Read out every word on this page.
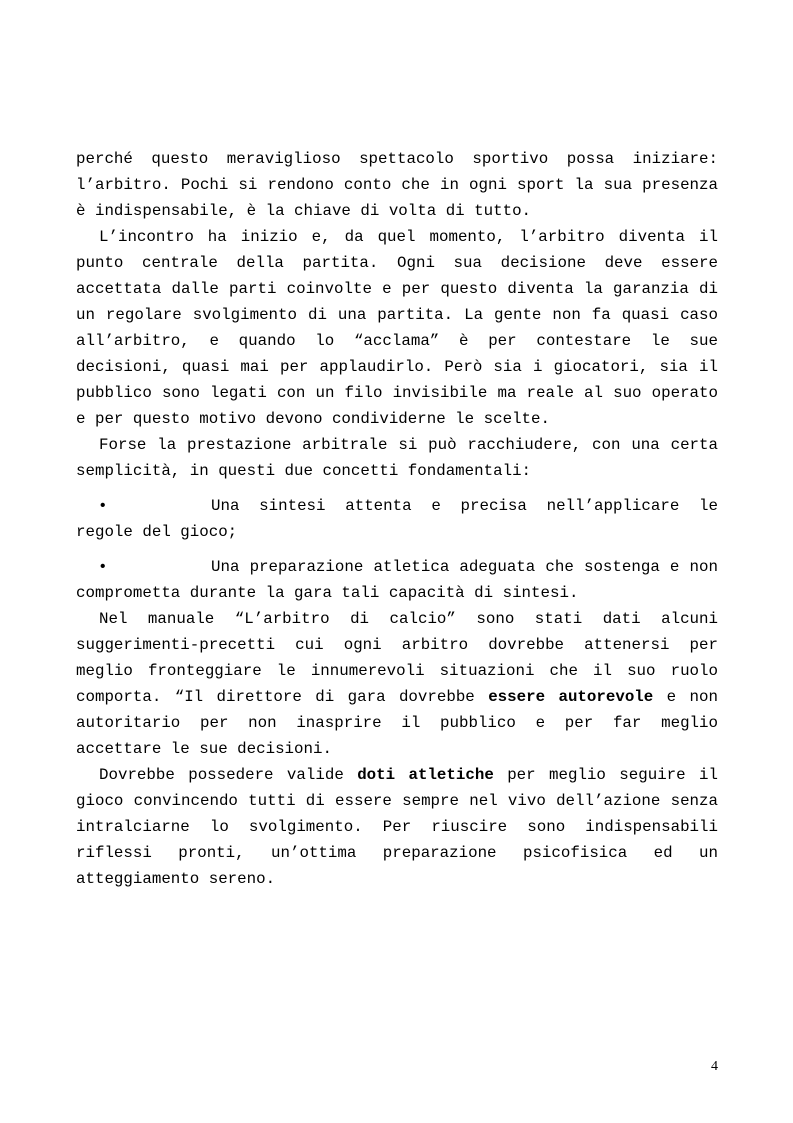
perché questo meraviglioso spettacolo sportivo possa iniziare: l’arbitro. Pochi si rendono conto che in ogni sport la sua presenza è indispensabile, è la chiave di volta di tutto.

L’incontro ha inizio e, da quel momento, l’arbitro diventa il punto centrale della partita. Ogni sua decisione deve essere accettata dalle parti coinvolte e per questo diventa la garanzia di un regolare svolgimento di una partita. La gente non fa quasi caso all’arbitro, e quando lo “acclama” è per contestare le sue decisioni, quasi mai per applaudirlo. Però sia i giocatori, sia il pubblico sono legati con un filo invisibile ma reale al suo operato e per questo motivo devono condividerne le scelte.

Forse la prestazione arbitrale si può racchiudere, con una certa semplicità, in questi due concetti fondamentali:

•	Una sintesi attenta e precisa nell’applicare le regole del gioco;

•	Una preparazione atletica adeguata che sostenga e non comprometta durante la gara tali capacità di sintesi.

Nel manuale “L’arbitro di calcio” sono stati dati alcuni suggerimenti-precetti cui ogni arbitro dovrebbe attenersi per meglio fronteggiare le innumerevoli situazioni che il suo ruolo comporta. “Il direttore di gara dovrebbe essere autorevole e non autoritario per non inasprire il pubblico e per far meglio accettare le sue decisioni.

Dovrebbe possedere valide doti atletiche per meglio seguire il gioco convincendo tutti di essere sempre nel vivo dell’azione senza intralciarne lo svolgimento. Per riuscire sono indispensabili riflessi pronti, un’ottima preparazione psicofisica ed un atteggiamento sereno.

4
